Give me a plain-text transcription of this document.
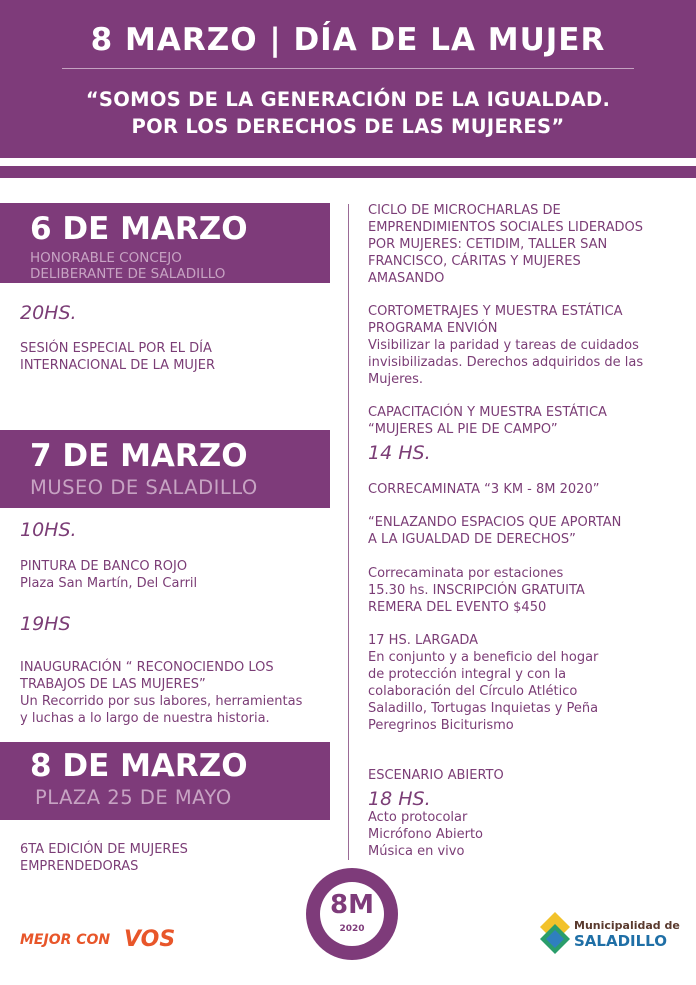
8 MARZO | DÍA DE LA MUJER
“SOMOS DE LA GENERACIÓN DE LA IGUALDAD.
POR LOS DERECHOS DE LAS MUJERES”
6 DE MARZO
HONORABLE CONCEJO
DELIBERANTE DE SALADILLO
20HS.
SESIÓN ESPECIAL POR EL DÍA
INTERNACIONAL DE LA MUJER
7 DE MARZO
MUSEO DE SALADILLO
10HS.
PINTURA DE BANCO ROJO
Plaza San Martín, Del Carril
19HS
INAUGURACIÓN “ RECONOCIENDO LOS
TRABAJOS DE LAS MUJERES”
Un Recorrido por sus labores, herramientas
y luchas a lo largo de nuestra historia.
8 DE MARZO
PLAZA 25 DE MAYO
6TA EDICIÓN DE MUJERES
EMPRENDEDORAS
CICLO DE MICROCHARLAS DE
EMPRENDIMIENTOS SOCIALES LIDERADOS
POR MUJERES: CETIDIM, TALLER SAN
FRANCISCO, CÁRITAS Y MUJERES
AMASANDO
CORTOMETRAJES Y MUESTRA ESTÁTICA
PROGRAMA ENVIÓN
Visibilizar la paridad y tareas de cuidados
invisibilizadas. Derechos adquiridos de las
Mujeres.
CAPACITACIÓN Y MUESTRA ESTÁTICA
“MUJERES AL PIE DE CAMPO”
14 HS.
CORRECAMINATA “3 KM - 8M 2020”
“ENLAZANDO ESPACIOS QUE APORTAN
A LA IGUALDAD DE DERECHOS”
Correcaminata por estaciones
15.30 hs. INSCRIPCIÓN GRATUITA
REMERA DEL EVENTO $450
17 HS. LARGADA
En conjunto y a beneficio del hogar
de protección integral y con la
colaboración del Círculo Atlético
Saladillo, Tortugas Inquietas y Peña
Peregrinos Biciturismo
ESCENARIO ABIERTO
18 HS.
Acto protocolar
Micrófono Abierto
Música en vivo
MEJOR CON VOS
8M
2020	Municipalidad de
SALADILLO
